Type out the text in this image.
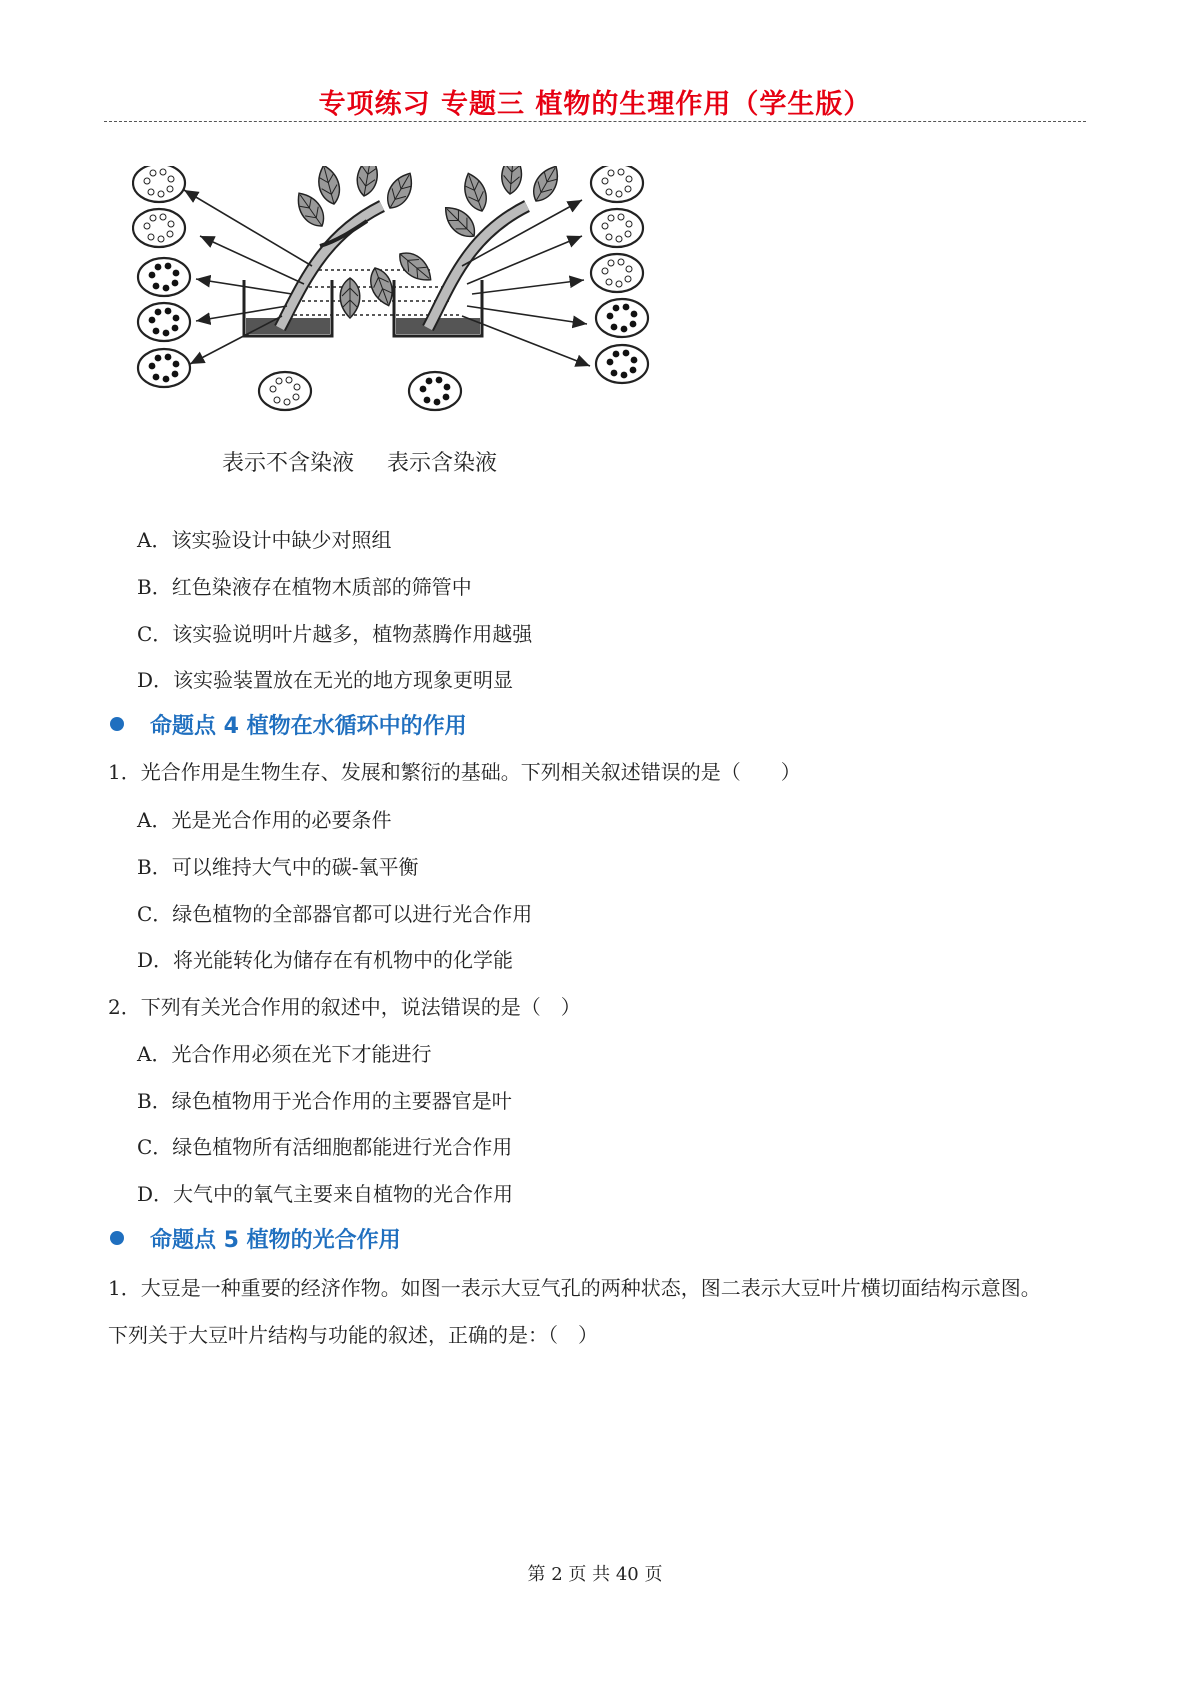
专项练习 专题三 植物的生理作用（学生版）
表示不含染液 表示含染液
A．该实验设计中缺少对照组
B．红色染液存在植物木质部的筛管中
C．该实验说明叶片越多，植物蒸腾作用越强
D．该实验装置放在无光的地方现象更明显
命题点 4 植物在水循环中的作用
1．光合作用是生物生存、发展和繁衍的基础。下列相关叙述错误的是（　　）
A．光是光合作用的必要条件
B．可以维持大气中的碳-氧平衡
C．绿色植物的全部器官都可以进行光合作用
D．将光能转化为储存在有机物中的化学能
2．下列有关光合作用的叙述中，说法错误的是（　）
A．光合作用必须在光下才能进行
B．绿色植物用于光合作用的主要器官是叶
C．绿色植物所有活细胞都能进行光合作用
D．大气中的氧气主要来自植物的光合作用
命题点 5 植物的光合作用
1．大豆是一种重要的经济作物。如图一表示大豆气孔的两种状态，图二表示大豆叶片横切面结构示意图。
下列关于大豆叶片结构与功能的叙述，正确的是：（　）
第 2 页 共 40 页
